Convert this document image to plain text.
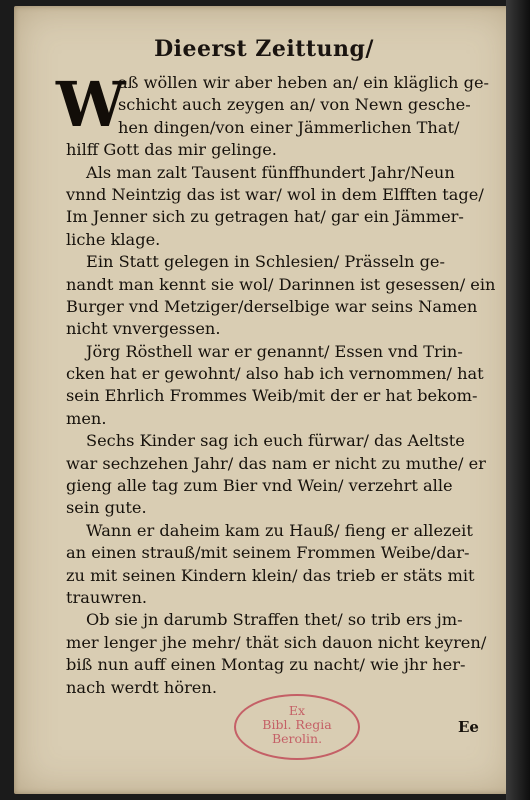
Dieerst Zeittung/
W
aß wöllen wir aber heben an/ ein kläglich ge-
schicht auch zeygen an/ von Newn gesche-
hen dingen/von einer Jämmerlichen That/
hilff Gott das mir gelinge.
Als man zalt Tausent fünffhundert Jahr/Neun
vnnd Neintzig das ist war/ wol in dem Elfften tage/
Im Jenner sich zu getragen hat/ gar ein Jämmer-
liche klage.
Ein Statt gelegen in Schlesien/ Prässeln ge-
nandt man kennt sie wol/ Darinnen ist gesessen/ ein
Burger vnd Metziger/derselbige war seins Namen
nicht vnvergessen.
Jörg Rösthell war er genannt/ Essen vnd Trin-
cken hat er gewohnt/ also hab ich vernommen/ hat
sein Ehrlich Frommes Weib/mit der er hat bekom-
men.
Sechs Kinder sag ich euch fürwar/ das Aeltste
war sechzehen Jahr/ das nam er nicht zu muthe/ er
gieng alle tag zum Bier vnd Wein/ verzehrt alle
sein gute.
Wann er daheim kam zu Hauß/ fieng er allezeit
an einen strauß/mit seinem Frommen Weibe/dar-
zu mit seinen Kindern klein/ das trieb er stäts mit
trauwren.
Ob sie jn darumb Straffen thet/ so trib ers jm-
mer lenger jhe mehr/ thät sich dauon nicht keyren/
biß nun auff einen Montag zu nacht/ wie jhr her-
nach werdt hören.
Ex
Bibl. Regia
Berolin.
Ee
